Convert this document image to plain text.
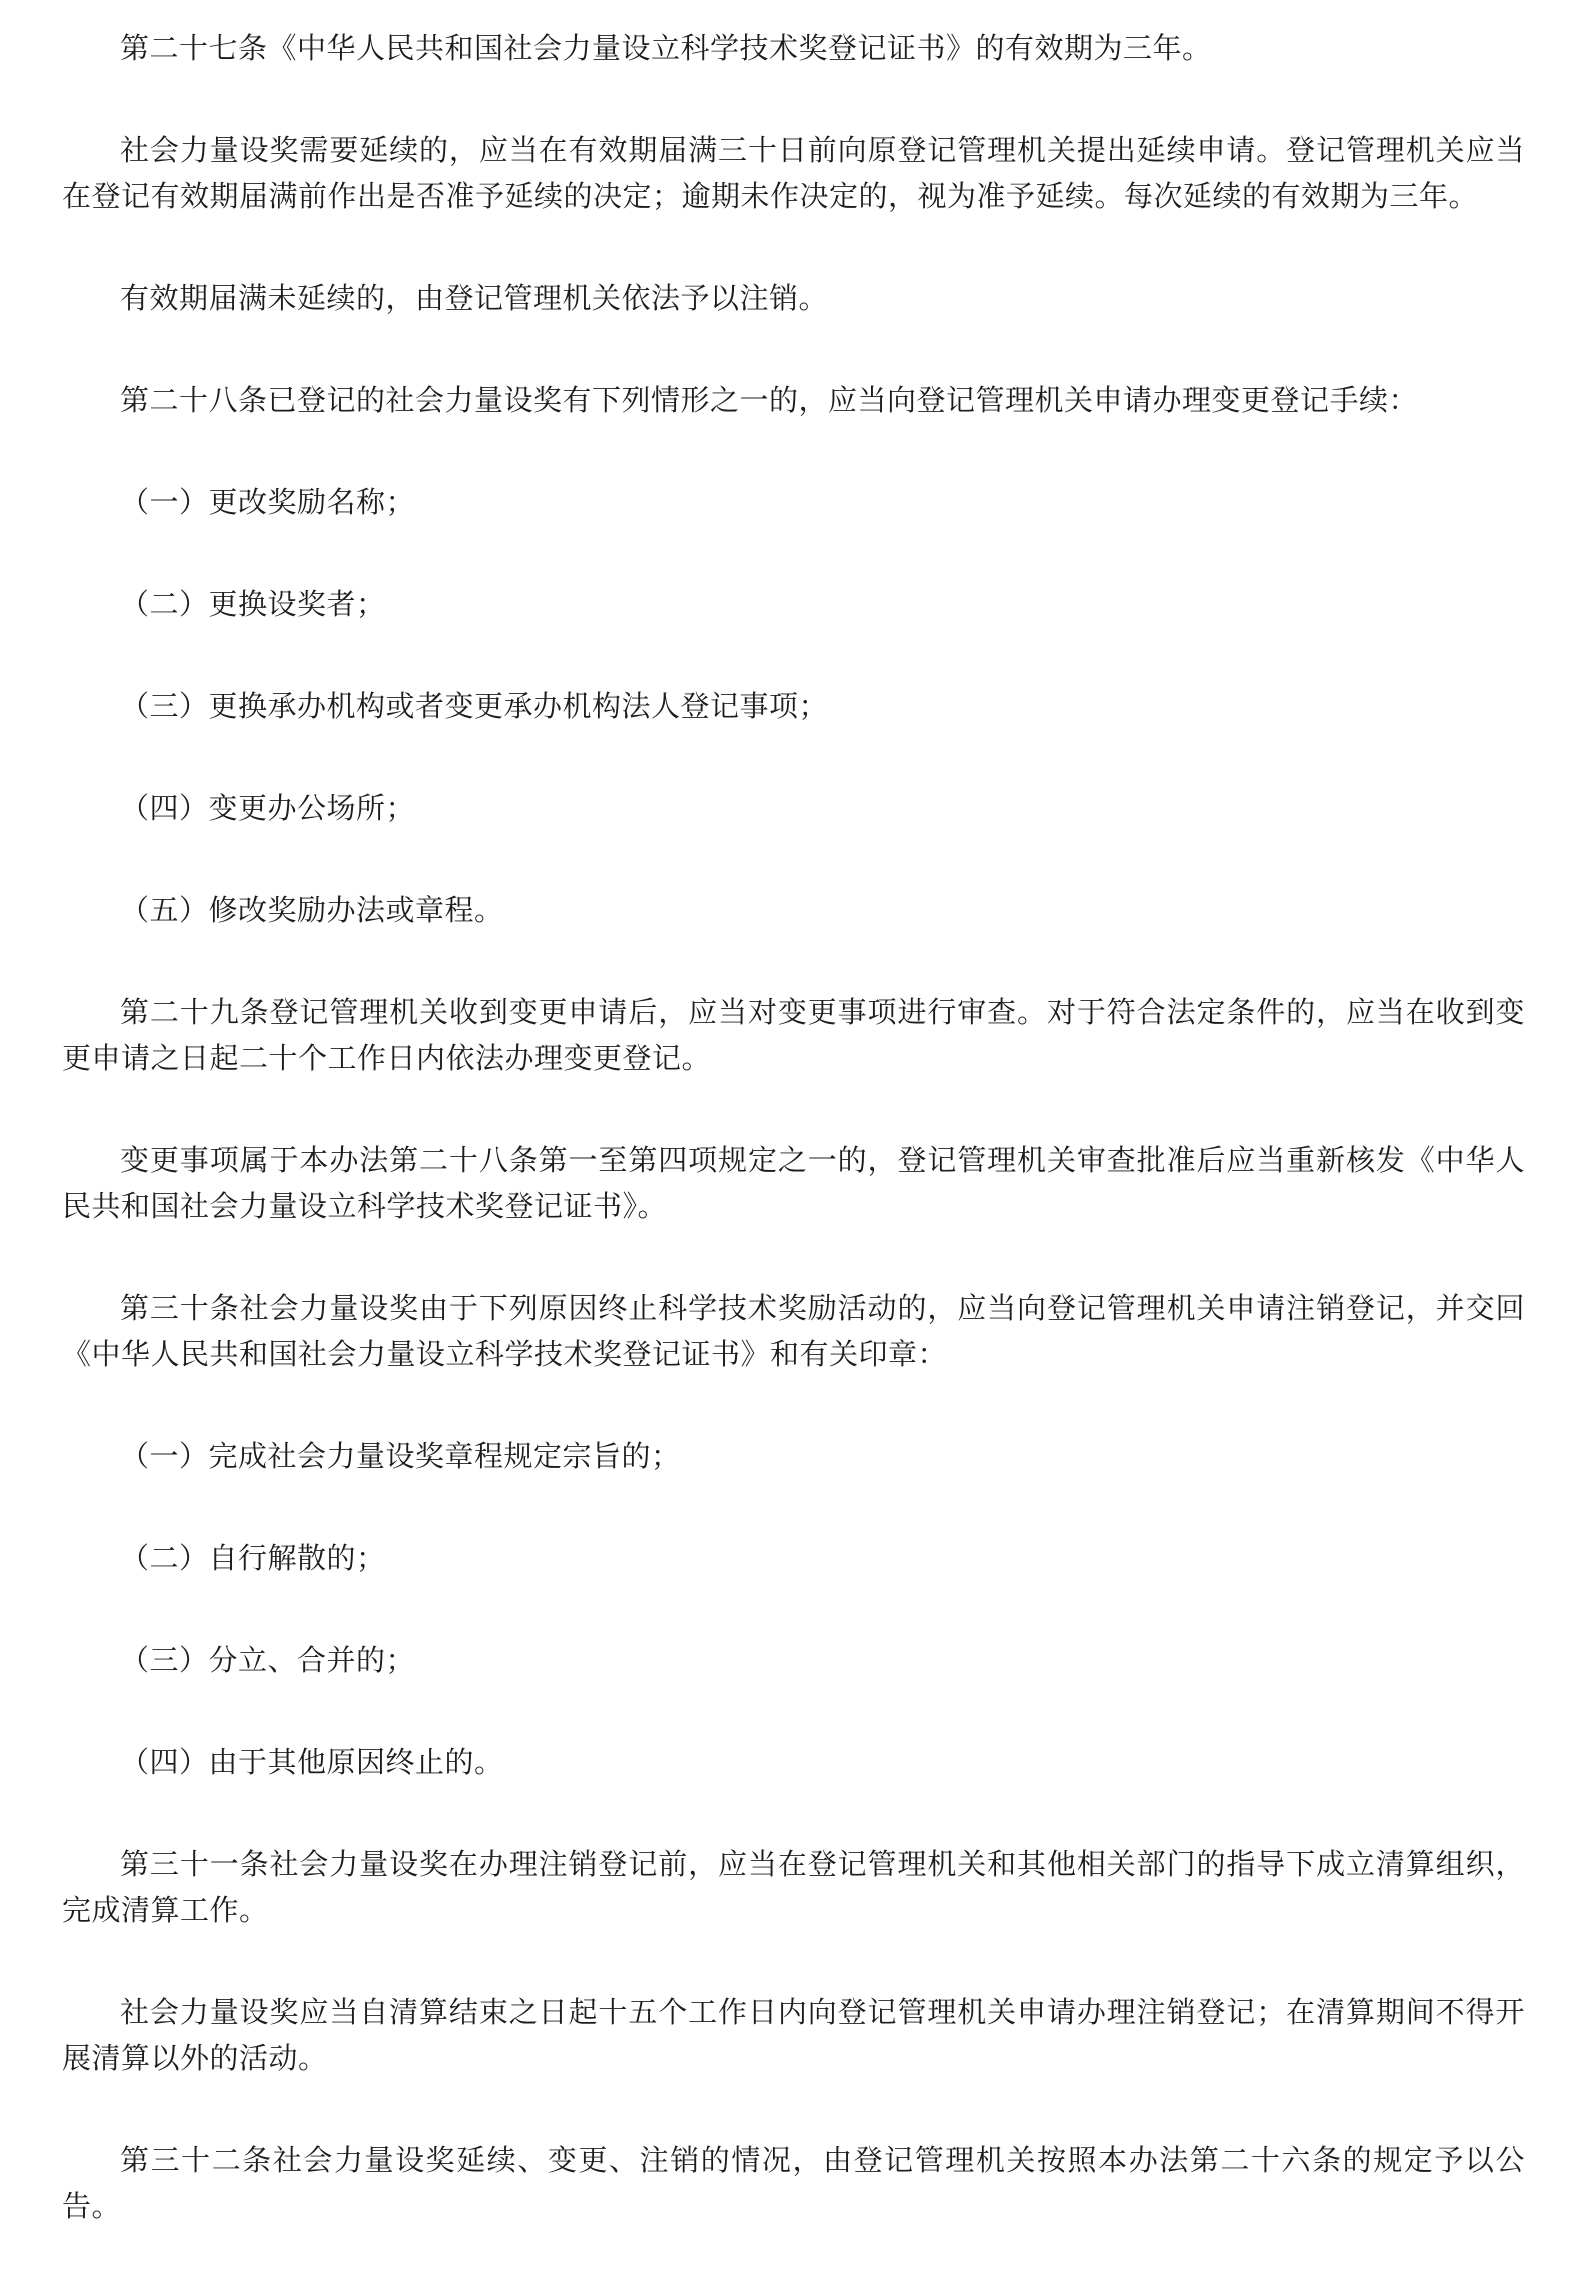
第二十七条《中华人民共和国社会力量设立科学技术奖登记证书》的有效期为三年。

社会力量设奖需要延续的，应当在有效期届满三十日前向原登记管理机关提出延续申请。登记管理机关应当在登记有效期届满前作出是否准予延续的决定；逾期未作决定的，视为准予延续。每次延续的有效期为三年。

有效期届满未延续的，由登记管理机关依法予以注销。

第二十八条已登记的社会力量设奖有下列情形之一的，应当向登记管理机关申请办理变更登记手续：

（一）更改奖励名称；

（二）更换设奖者；

（三）更换承办机构或者变更承办机构法人登记事项；

（四）变更办公场所；

（五）修改奖励办法或章程。

第二十九条登记管理机关收到变更申请后，应当对变更事项进行审查。对于符合法定条件的，应当在收到变更申请之日起二十个工作日内依法办理变更登记。

变更事项属于本办法第二十八条第一至第四项规定之一的，登记管理机关审查批准后应当重新核发《中华人民共和国社会力量设立科学技术奖登记证书》。

第三十条社会力量设奖由于下列原因终止科学技术奖励活动的，应当向登记管理机关申请注销登记，并交回《中华人民共和国社会力量设立科学技术奖登记证书》和有关印章：

（一）完成社会力量设奖章程规定宗旨的；

（二）自行解散的；

（三）分立、合并的；

（四）由于其他原因终止的。

第三十一条社会力量设奖在办理注销登记前，应当在登记管理机关和其他相关部门的指导下成立清算组织，完成清算工作。

社会力量设奖应当自清算结束之日起十五个工作日内向登记管理机关申请办理注销登记；在清算期间不得开展清算以外的活动。

第三十二条社会力量设奖延续、变更、注销的情况，由登记管理机关按照本办法第二十六条的规定予以公告。
